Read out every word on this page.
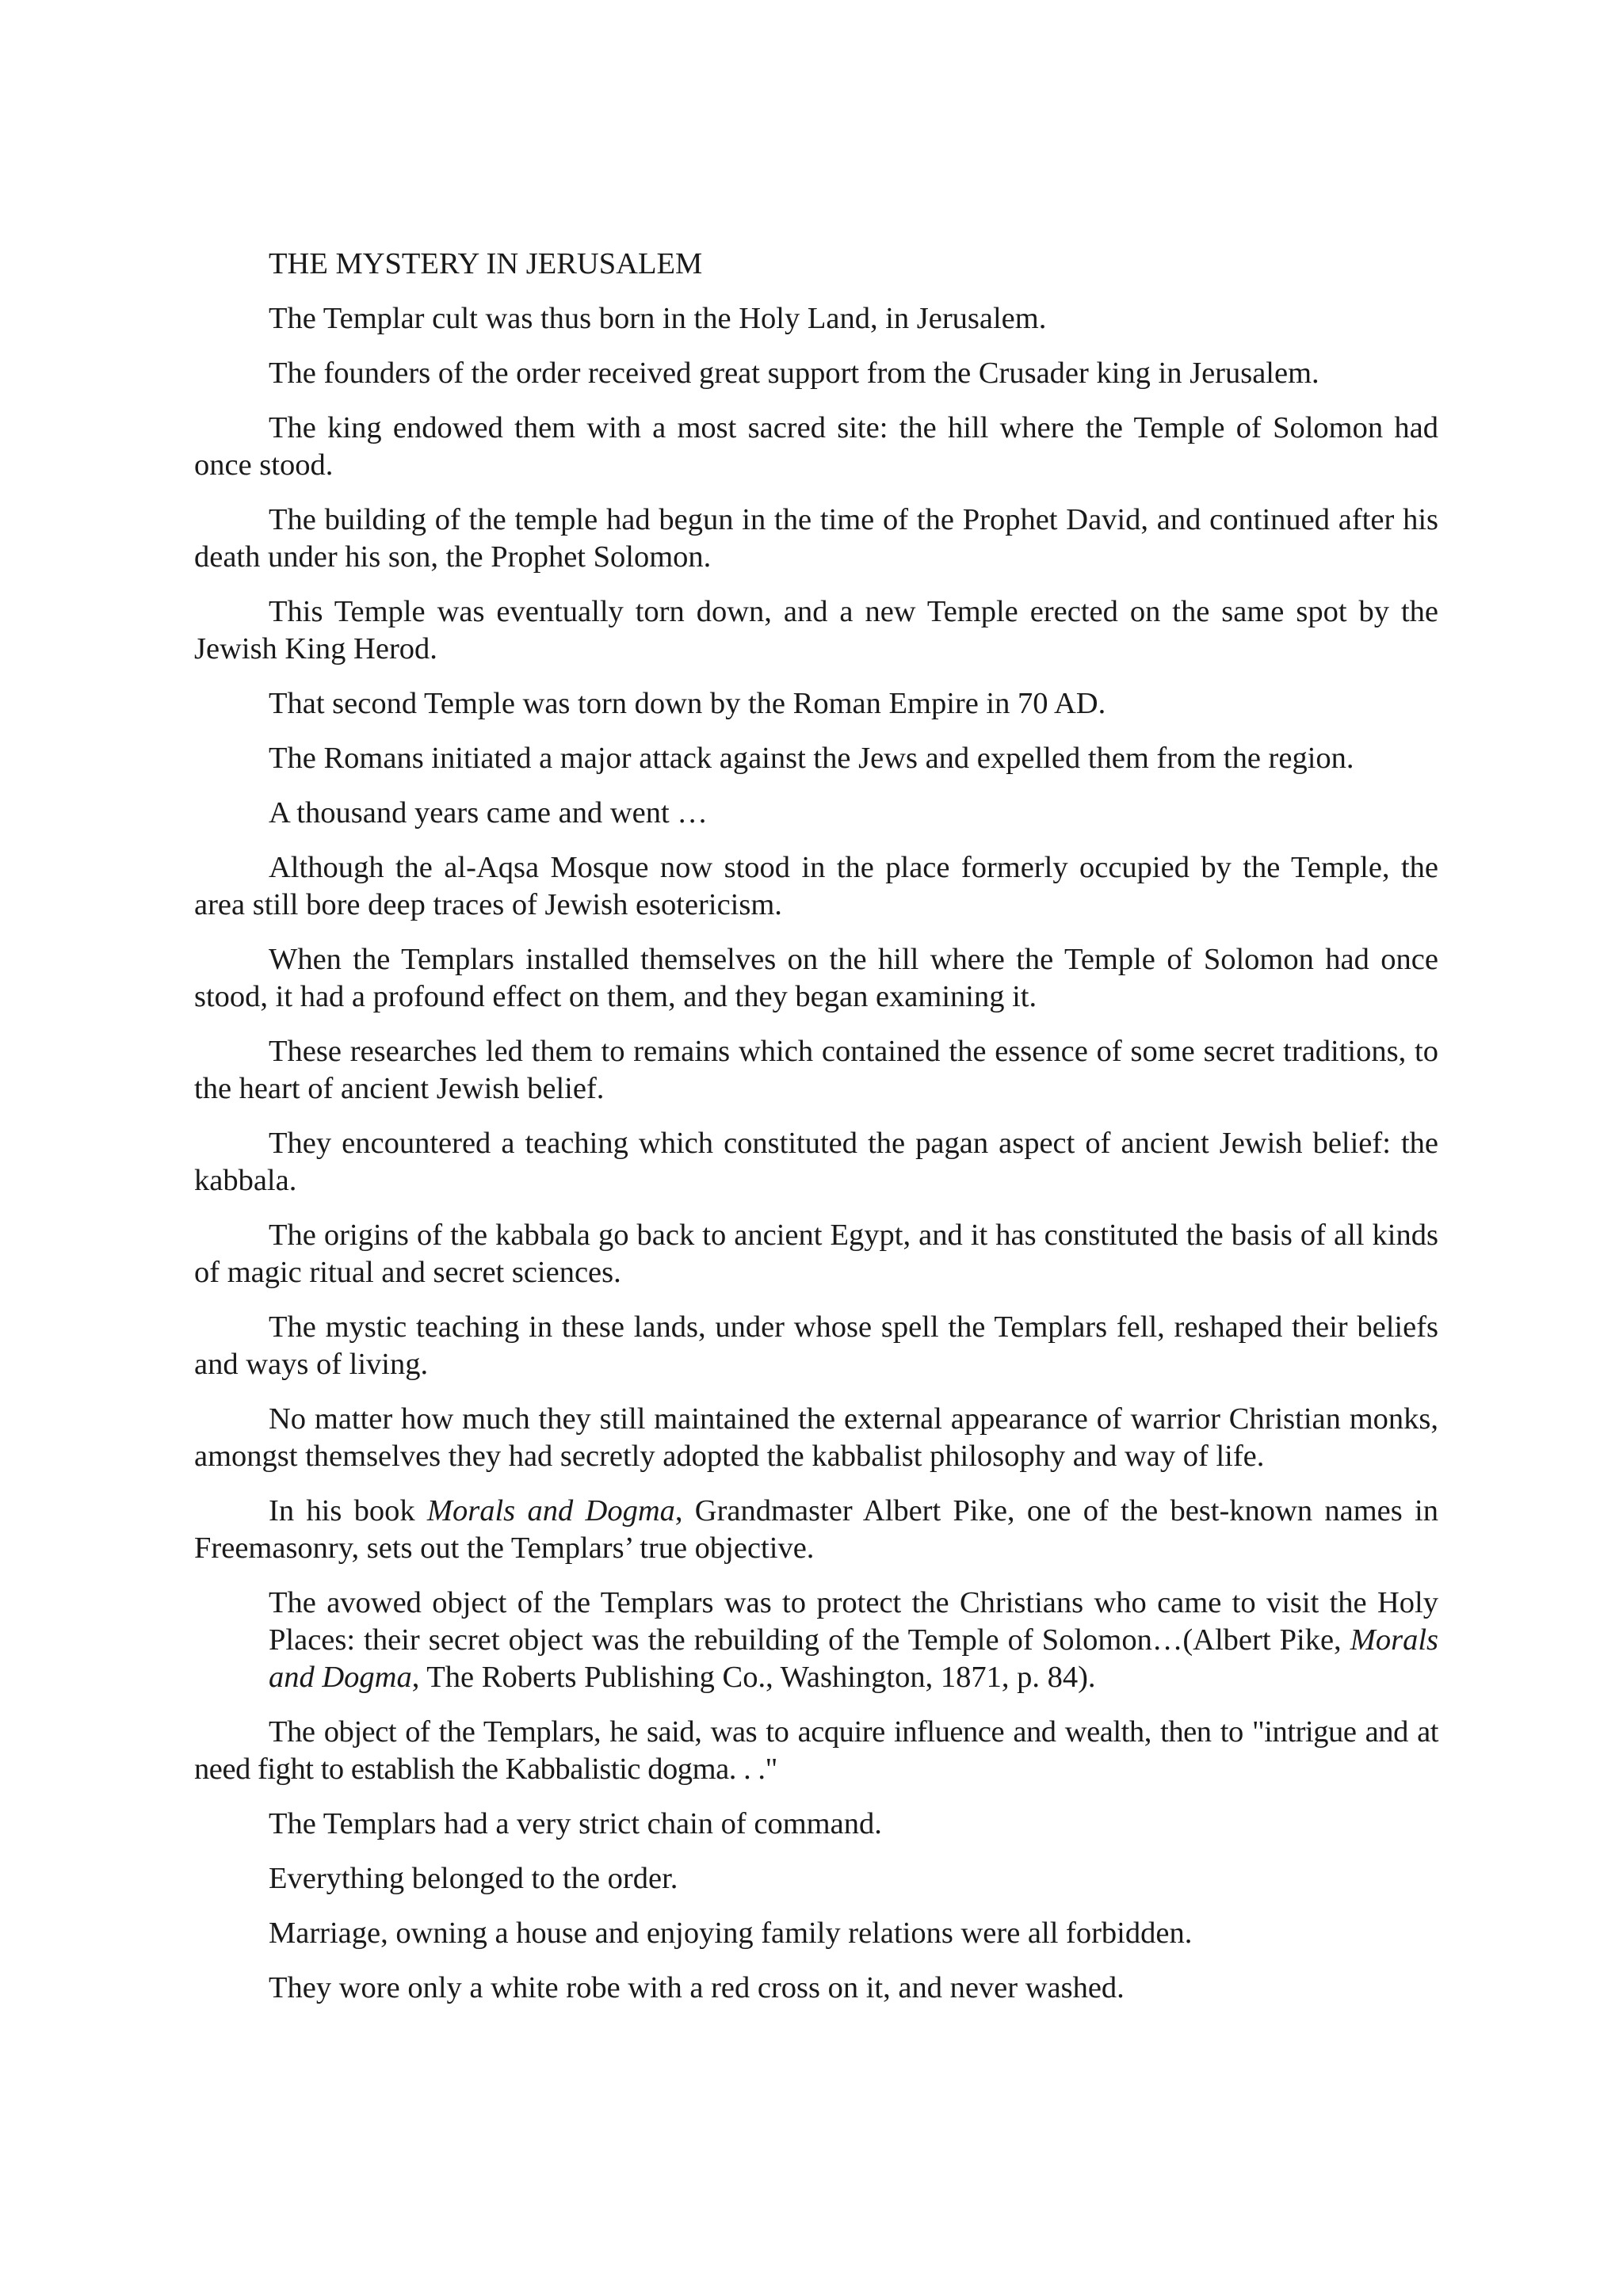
THE MYSTERY IN JERUSALEM

The Templar cult was thus born in the Holy Land, in Jerusalem.

The founders of the order received great support from the Crusader king in Jerusalem.

The king endowed them with a most sacred site: the hill where the Temple of Solomon had once stood.

The building of the temple had begun in the time of the Prophet David, and continued after his death under his son, the Prophet Solomon.

This Temple was eventually torn down, and a new Temple erected on the same spot by the Jewish King Herod.

That second Temple was torn down by the Roman Empire in 70 AD.

The Romans initiated a major attack against the Jews and expelled them from the region.

A thousand years came and went …

Although the al-Aqsa Mosque now stood in the place formerly occupied by the Temple, the area still bore deep traces of Jewish esotericism.

When the Templars installed themselves on the hill where the Temple of Solomon had once stood, it had a profound effect on them, and they began examining it.

These researches led them to remains which contained the essence of some secret traditions, to the heart of ancient Jewish belief.

They encountered a teaching which constituted the pagan aspect of ancient Jewish belief: the kabbala.

The origins of the kabbala go back to ancient Egypt, and it has constituted the basis of all kinds of magic ritual and secret sciences.

The mystic teaching in these lands, under whose spell the Templars fell, reshaped their beliefs and ways of living.

No matter how much they still maintained the external appearance of warrior Christian monks, amongst themselves they had secretly adopted the kabbalist philosophy and way of life.

In his book Morals and Dogma, Grandmaster Albert Pike, one of the best-known names in Freemasonry, sets out the Templars’ true objective.

The avowed object of the Templars was to protect the Christians who came to visit the Holy Places: their secret object was the rebuilding of the Temple of Solomon…(Albert Pike, Morals and Dogma, The Roberts Publishing Co., Washington, 1871, p. 84).

The object of the Templars, he said, was to acquire influence and wealth, then to "intrigue and at need fight to establish the Kabbalistic dogma. . ."

The Templars had a very strict chain of command.

Everything belonged to the order.

Marriage, owning a house and enjoying family relations were all forbidden.

They wore only a white robe with a red cross on it, and never washed.
